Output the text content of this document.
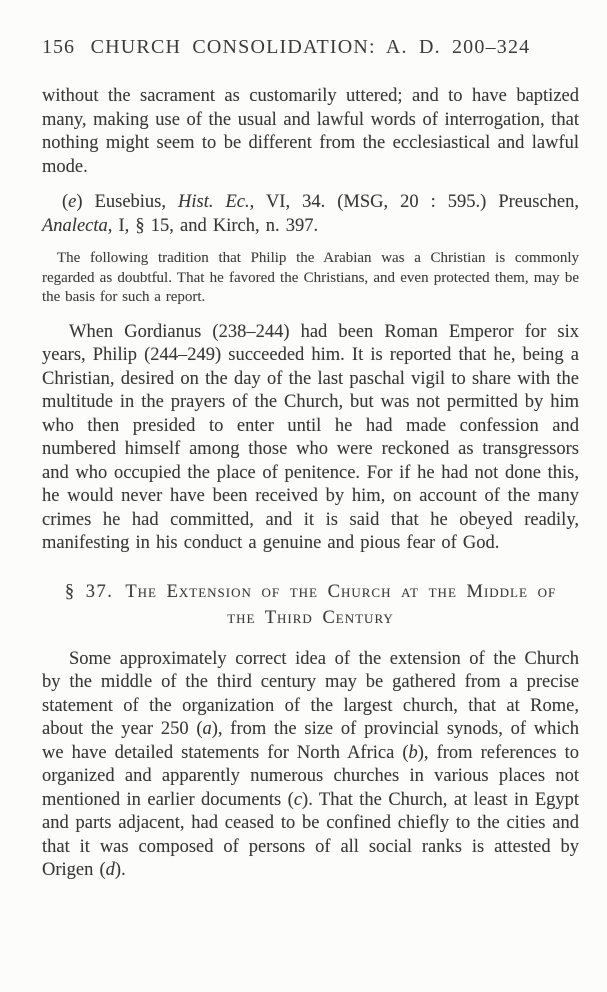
156 CHURCH CONSOLIDATION: A. D. 200–324

without the sacrament as customarily uttered; and to have baptized many, making use of the usual and lawful words of interrogation, that nothing might seem to be different from the ecclesiastical and lawful mode.

(e) Eusebius, Hist. Ec., VI, 34. (MSG, 20 : 595.) Preuschen, Analecta, I, § 15, and Kirch, n. 397.

The following tradition that Philip the Arabian was a Christian is commonly regarded as doubtful. That he favored the Christians, and even protected them, may be the basis for such a report.

When Gordianus (238–244) had been Roman Emperor for six years, Philip (244–249) succeeded him. It is reported that he, being a Christian, desired on the day of the last paschal vigil to share with the multitude in the prayers of the Church, but was not permitted by him who then presided to enter until he had made confession and numbered himself among those who were reckoned as transgressors and who occupied the place of penitence. For if he had not done this, he would never have been received by him, on account of the many crimes he had committed, and it is said that he obeyed readily, manifesting in his conduct a genuine and pious fear of God.

§ 37. The Extension of the Church at the Middle of the Third Century

Some approximately correct idea of the extension of the Church by the middle of the third century may be gathered from a precise statement of the organization of the largest church, that at Rome, about the year 250 (a), from the size of provincial synods, of which we have detailed statements for North Africa (b), from references to organized and apparently numerous churches in various places not mentioned in earlier documents (c). That the Church, at least in Egypt and parts adjacent, had ceased to be confined chiefly to the cities and that it was composed of persons of all social ranks is attested by Origen (d).
